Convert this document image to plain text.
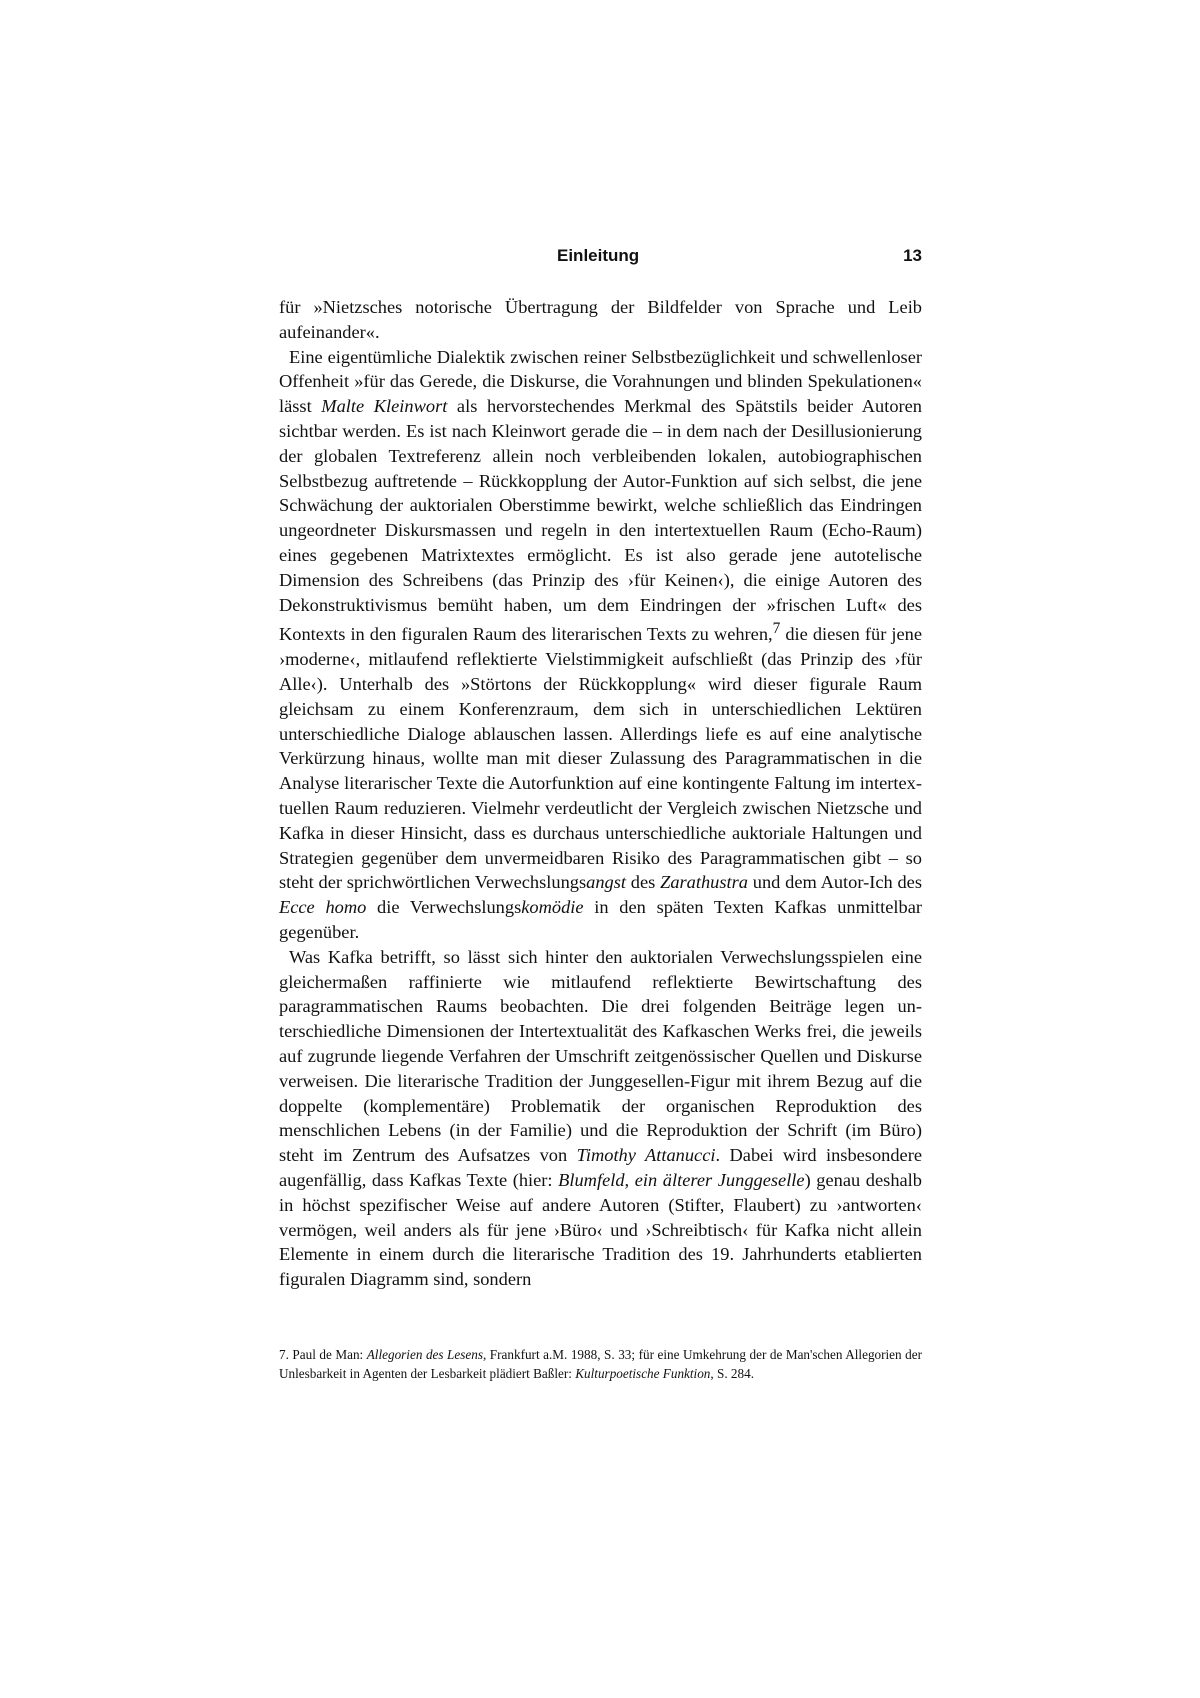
Einleitung	13

für »Nietzsches notorische Übertragung der Bildfelder von Sprache und Leib aufeinander«.

Eine eigentümliche Dialektik zwischen reiner Selbstbezüglichkeit und schwellenloser Offenheit »für das Gerede, die Diskurse, die Vorahnungen und blinden Spekulationen« lässt Malte Kleinwort als hervorstechendes Merkmal des Spätstils beider Autoren sichtbar werden. Es ist nach Kleinwort gerade die – in dem nach der Desillusionierung der globalen Textreferenz allein noch verbleibenden lokalen, autobiographischen Selbstbezug auftretende – Rückkopplung der Autor-Funktion auf sich selbst, die jene Schwächung der auktorialen Oberstimme bewirkt, welche schließlich das Eindringen ungeordneter Diskursmassen und regeln in den intertextuellen Raum (Echo-Raum) eines gegebenen Matrixtextes ermöglicht. Es ist also gerade jene autotelische Dimension des Schreibens (das Prinzip des ›für Keinen‹), die einige Autoren des Dekonstruktivismus bemüht haben, um dem Eindringen der »frischen Luft« des Kontexts in den figuralen Raum des literarischen Texts zu wehren,$^7$ die diesen für jene ›moderne‹, mitlaufend reflektierte Vielstimmigkeit aufschließt (das Prinzip des ›für Alle‹). Unterhalb des »Störtons der Rückkopplung« wird dieser figurale Raum gleichsam zu einem Konferenzraum, dem sich in unterschiedlichen Lektüren unterschiedliche Dialoge ablauschen lassen. Allerdings liefe es auf eine analytische Verkürzung hinaus, wollte man mit dieser Zulassung des Paragrammatischen in die Analyse literarischer Texte die Autorfunktion auf eine kontingente Faltung im intertextuellen Raum reduzieren. Vielmehr verdeutlicht der Vergleich zwischen Nietzsche und Kafka in dieser Hinsicht, dass es durchaus unterschiedliche auktoriale Haltungen und Strategien gegenüber dem unvermeidbaren Risiko des Paragrammatischen gibt – so steht der sprichwörtlichen Verwechslungsangst des Zarathustra und dem Autor-Ich des Ecce homo die Verwechslungskomödie in den späten Texten Kafkas unmittelbar gegenüber.

Was Kafka betrifft, so lässt sich hinter den auktorialen Verwechslungsspielen eine gleichermaßen raffinierte wie mitlaufend reflektierte Bewirtschaftung des paragrammatischen Raums beobachten. Die drei folgenden Beiträge legen unterschiedliche Dimensionen der Intertextualität des Kafkaschen Werks frei, die jeweils auf zugrunde liegende Verfahren der Umschrift zeitgenössischer Quellen und Diskurse verweisen. Die literarische Tradition der Junggesellen-Figur mit ihrem Bezug auf die doppelte (komplementäre) Problematik der organischen Reproduktion des menschlichen Lebens (in der Familie) und die Reproduktion der Schrift (im Büro) steht im Zentrum des Aufsatzes von Timothy Attanucci. Dabei wird insbesondere augenfällig, dass Kafkas Texte (hier: Blumfeld, ein älterer Junggeselle) genau deshalb in höchst spezifischer Weise auf andere Autoren (Stifter, Flaubert) zu ›antworten‹ vermögen, weil anders als für jene ›Büro‹ und ›Schreibtisch‹ für Kafka nicht allein Elemente in einem durch die literarische Tradition des 19. Jahrhunderts etablierten figuralen Diagramm sind, sondern

7. Paul de Man: Allegorien des Lesens, Frankfurt a.M. 1988, S. 33; für eine Umkehrung der de Man'schen Allegorien der Unlesbarkeit in Agenten der Lesbarkeit plädiert Baßler: Kulturpoetische Funktion, S. 284.
